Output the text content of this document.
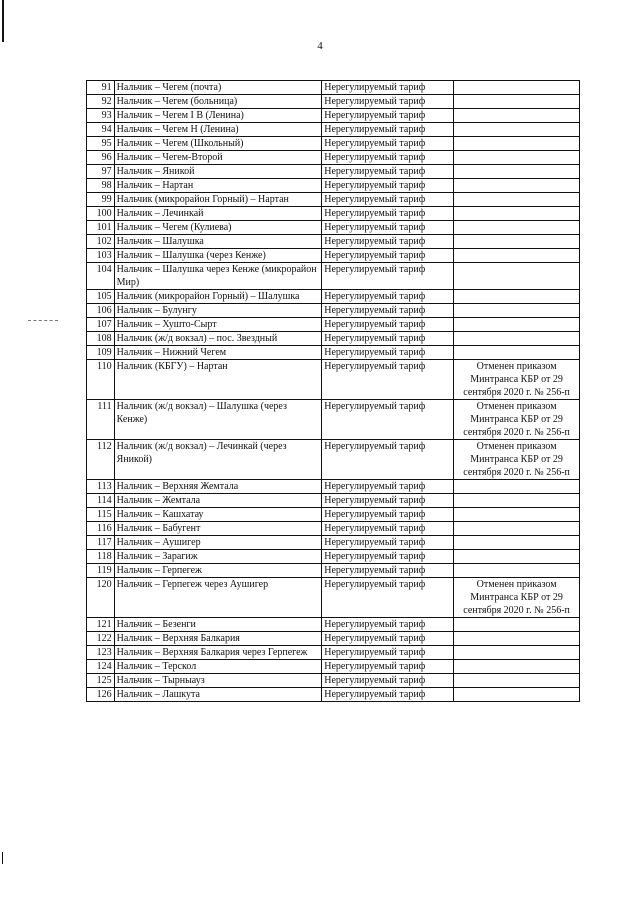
4
91	Нальчик – Чегем (почта)	Нерегулируемый тариф	
92	Нальчик – Чегем (больница)	Нерегулируемый тариф	
93	Нальчик – Чегем I В (Ленина)	Нерегулируемый тариф	
94	Нальчик – Чегем Н (Ленина)	Нерегулируемый тариф	
95	Нальчик – Чегем (Школьный)	Нерегулируемый тариф	
96	Нальчик – Чегем-Второй	Нерегулируемый тариф	
97	Нальчик – Яникой	Нерегулируемый тариф	
98	Нальчик – Нартан	Нерегулируемый тариф	
99	Нальчик (микрорайон Горный) – Нартан	Нерегулируемый тариф	
100	Нальчик – Лечинкай	Нерегулируемый тариф	
101	Нальчик – Чегем (Кулиева)	Нерегулируемый тариф	
102	Нальчик – Шалушка	Нерегулируемый тариф	
103	Нальчик – Шалушка (через Кенже)	Нерегулируемый тариф	
104	Нальчик – Шалушка через Кенже (микрорайон Мир)	Нерегулируемый тариф	
105	Нальчик (микрорайон Горный) – Шалушка	Нерегулируемый тариф	
106	Нальчик – Булунгу	Нерегулируемый тариф	
107	Нальчик – Хушто-Сырт	Нерегулируемый тариф	
108	Нальчик (ж/д вокзал) – пос. Звездный	Нерегулируемый тариф	
109	Нальчик – Нижний Чегем	Нерегулируемый тариф	
110	Нальчик (КБГУ) – Нартан	Нерегулируемый тариф	Отменен приказом Минтранса КБР от 29 сентября 2020 г. № 256-п
111	Нальчик (ж/д вокзал) – Шалушка (через Кенже)	Нерегулируемый тариф	Отменен приказом Минтранса КБР от 29 сентября 2020 г. № 256-п
112	Нальчик (ж/д вокзал) – Лечинкай (через Яникой)	Нерегулируемый тариф	Отменен приказом Минтранса КБР от 29 сентября 2020 г. № 256-п
113	Нальчик – Верхняя Жемтала	Нерегулируемый тариф	
114	Нальчик – Жемтала	Нерегулируемый тариф	
115	Нальчик – Кашхатау	Нерегулируемый тариф	
116	Нальчик – Бабугент	Нерегулируемый тариф	
117	Нальчик – Аушигер	Нерегулируемый тариф	
118	Нальчик – Зарагиж	Нерегулируемый тариф	
119	Нальчик – Герпегеж	Нерегулируемый тариф	
120	Нальчик – Герпегеж через Аушигер	Нерегулируемый тариф	Отменен приказом Минтранса КБР от 29 сентября 2020 г. № 256-п
121	Нальчик – Безенги	Нерегулируемый тариф	
122	Нальчик – Верхняя Балкария	Нерегулируемый тариф	
123	Нальчик – Верхняя Балкария через Герпегеж	Нерегулируемый тариф	
124	Нальчик – Терскол	Нерегулируемый тариф	
125	Нальчик – Тырныауз	Нерегулируемый тариф	
126	Нальчик – Лашкута	Нерегулируемый тариф	
